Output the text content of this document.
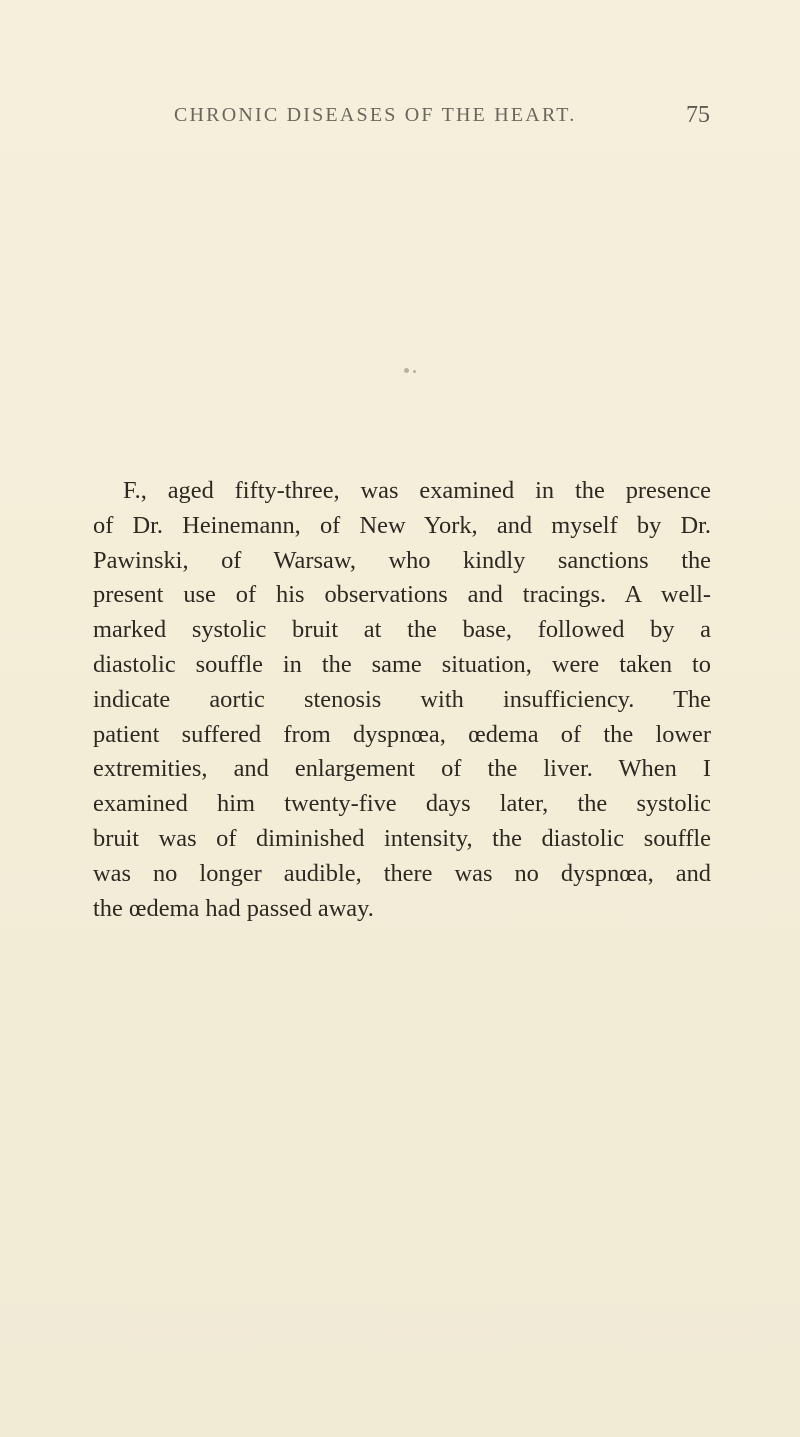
CHRONIC DISEASES OF THE HEART.	75
F., aged fifty-three, was examined in the presence
of Dr. Heinemann, of New York, and myself by Dr.
Pawinski, of Warsaw, who kindly sanctions the
present use of his observations and tracings. A well-
marked systolic bruit at the base, followed by a
diastolic souffle in the same situation, were taken to
indicate aortic stenosis with insufficiency. The
patient suffered from dyspnœa, œdema of the lower
extremities, and enlargement of the liver. When I
examined him twenty-five days later, the systolic
bruit was of diminished intensity, the diastolic souffle
was no longer audible, there was no dyspnœa, and
the œdema had passed away.
